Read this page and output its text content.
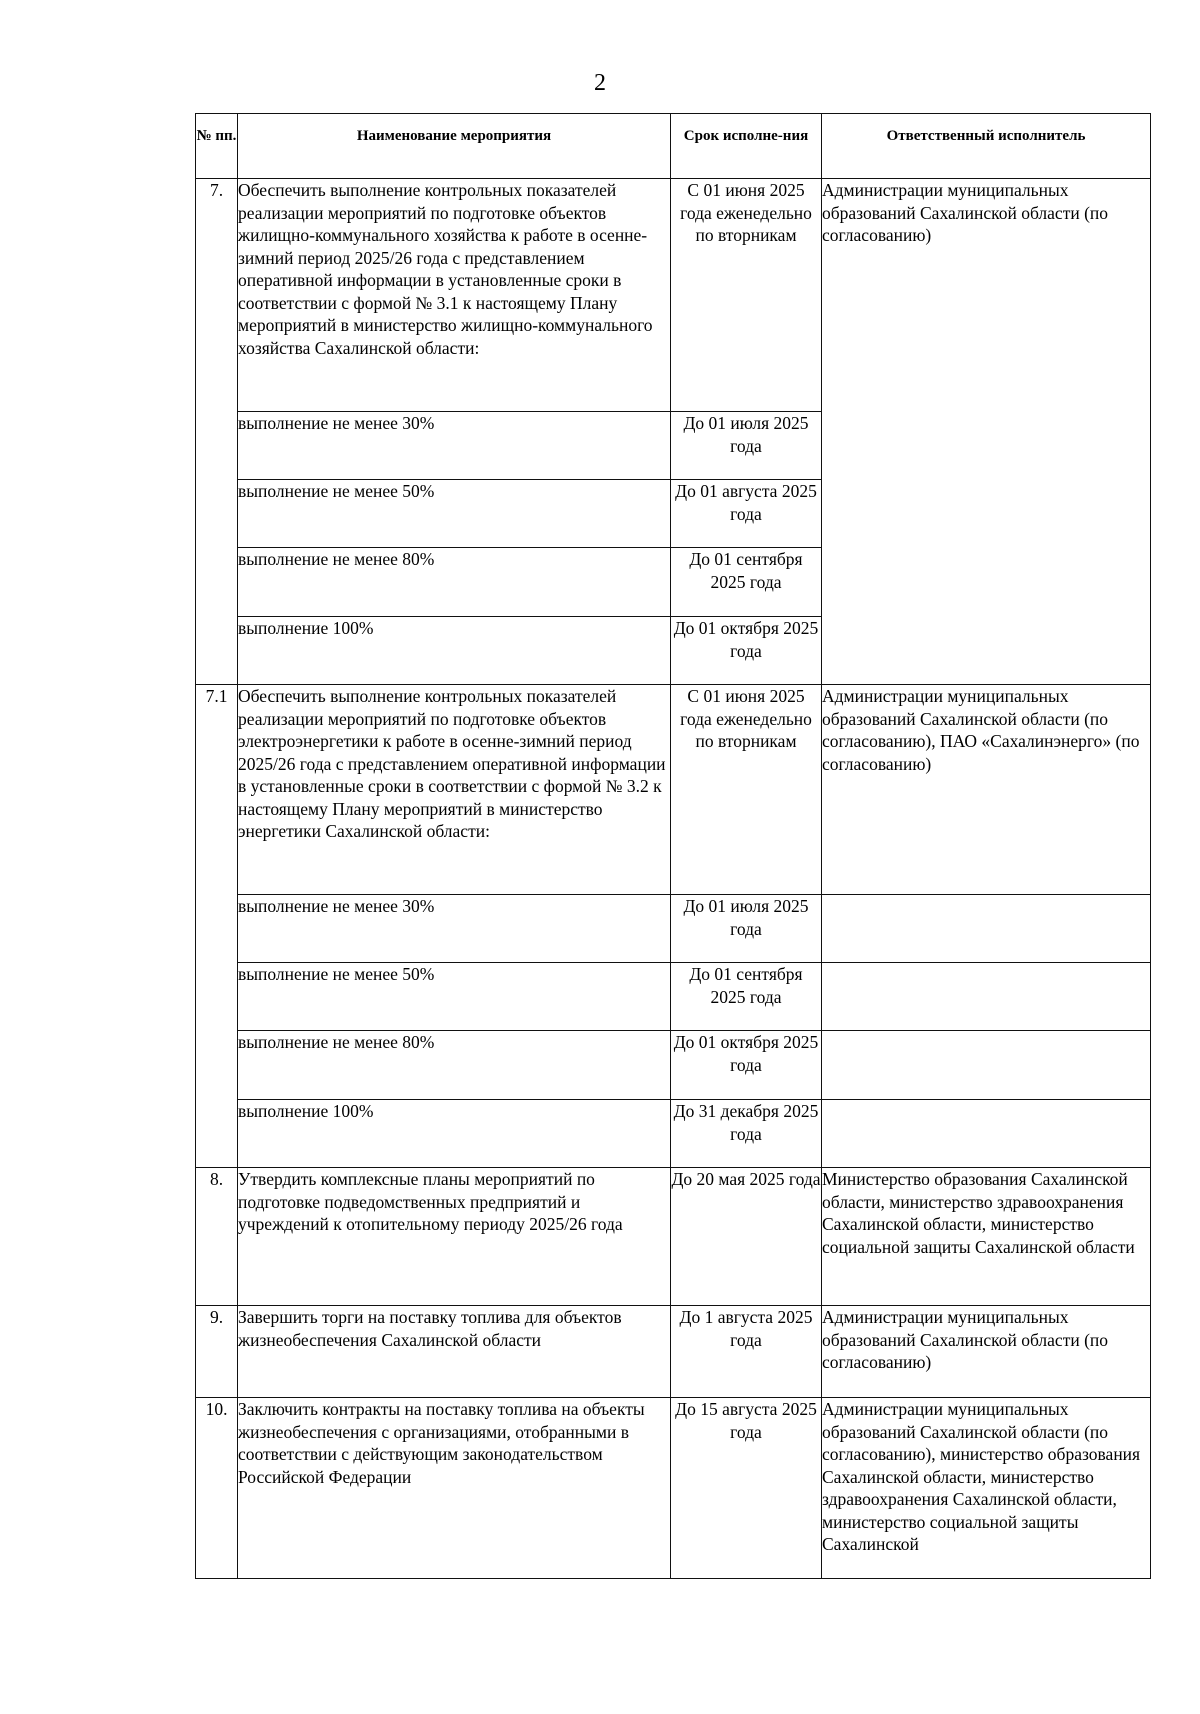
2
№ пп.	Наименование мероприятия	Срок исполне-ния	Ответственный исполнитель
7.	Обеспечить выполнение контрольных показателей реализации мероприятий по подготовке объектов жилищно-коммунального хозяйства к работе в осенне-зимний период 2025/26 года с представлением оперативной информации в установленные сроки в соответствии с формой № 3.1 к настоящему Плану мероприятий в министерство жилищно-коммунального хозяйства Сахалинской области:	С 01 июня 2025 года еженедельно по вторникам	Администрации муниципальных образований Сахалинской области (по согласованию)
	выполнение не менее 30%	До 01 июля 2025 года	
	выполнение не менее 50%	До 01 августа 2025 года	
	выполнение не менее 80%	До 01 сентября 2025 года	
	выполнение 100%	До 01 октября 2025 года	
7.1	Обеспечить выполнение контрольных показателей реализации мероприятий по подготовке объектов электроэнергетики к работе в осенне-зимний период 2025/26 года с представлением оперативной информации в установленные сроки в соответствии с формой № 3.2 к настоящему Плану мероприятий в министерство энергетики Сахалинской области:	С 01 июня 2025 года еженедельно по вторникам	Администрации муниципальных образований Сахалинской области (по согласованию), ПАО «Сахалинэнерго» (по согласованию)
	выполнение не менее 30%	До 01 июля 2025 года	
	выполнение не менее 50%	До 01 сентября 2025 года	
	выполнение не менее 80%	До 01 октября 2025 года	
	выполнение 100%	До 31 декабря 2025 года	
8.	Утвердить комплексные планы мероприятий по подготовке подведомственных предприятий и учреждений к отопительному периоду 2025/26 года	До 20 мая 2025 года	Министерство образования Сахалинской области, министерство здравоохранения Сахалинской области, министерство социальной защиты Сахалинской области
9.	Завершить торги на поставку топлива для объектов жизнеобеспечения Сахалинской области	До 1 августа 2025 года	Администрации муниципальных образований Сахалинской области (по согласованию)
10.	Заключить контракты на поставку топлива на объекты жизнеобеспечения с организациями, отобранными в соответствии с действующим законодательством Российской Федерации	До 15 августа 2025 года	Администрации муниципальных образований Сахалинской области (по согласованию), министерство образования Сахалинской области, министерство здравоохранения Сахалинской области, министерство социальной защиты Сахалинской
